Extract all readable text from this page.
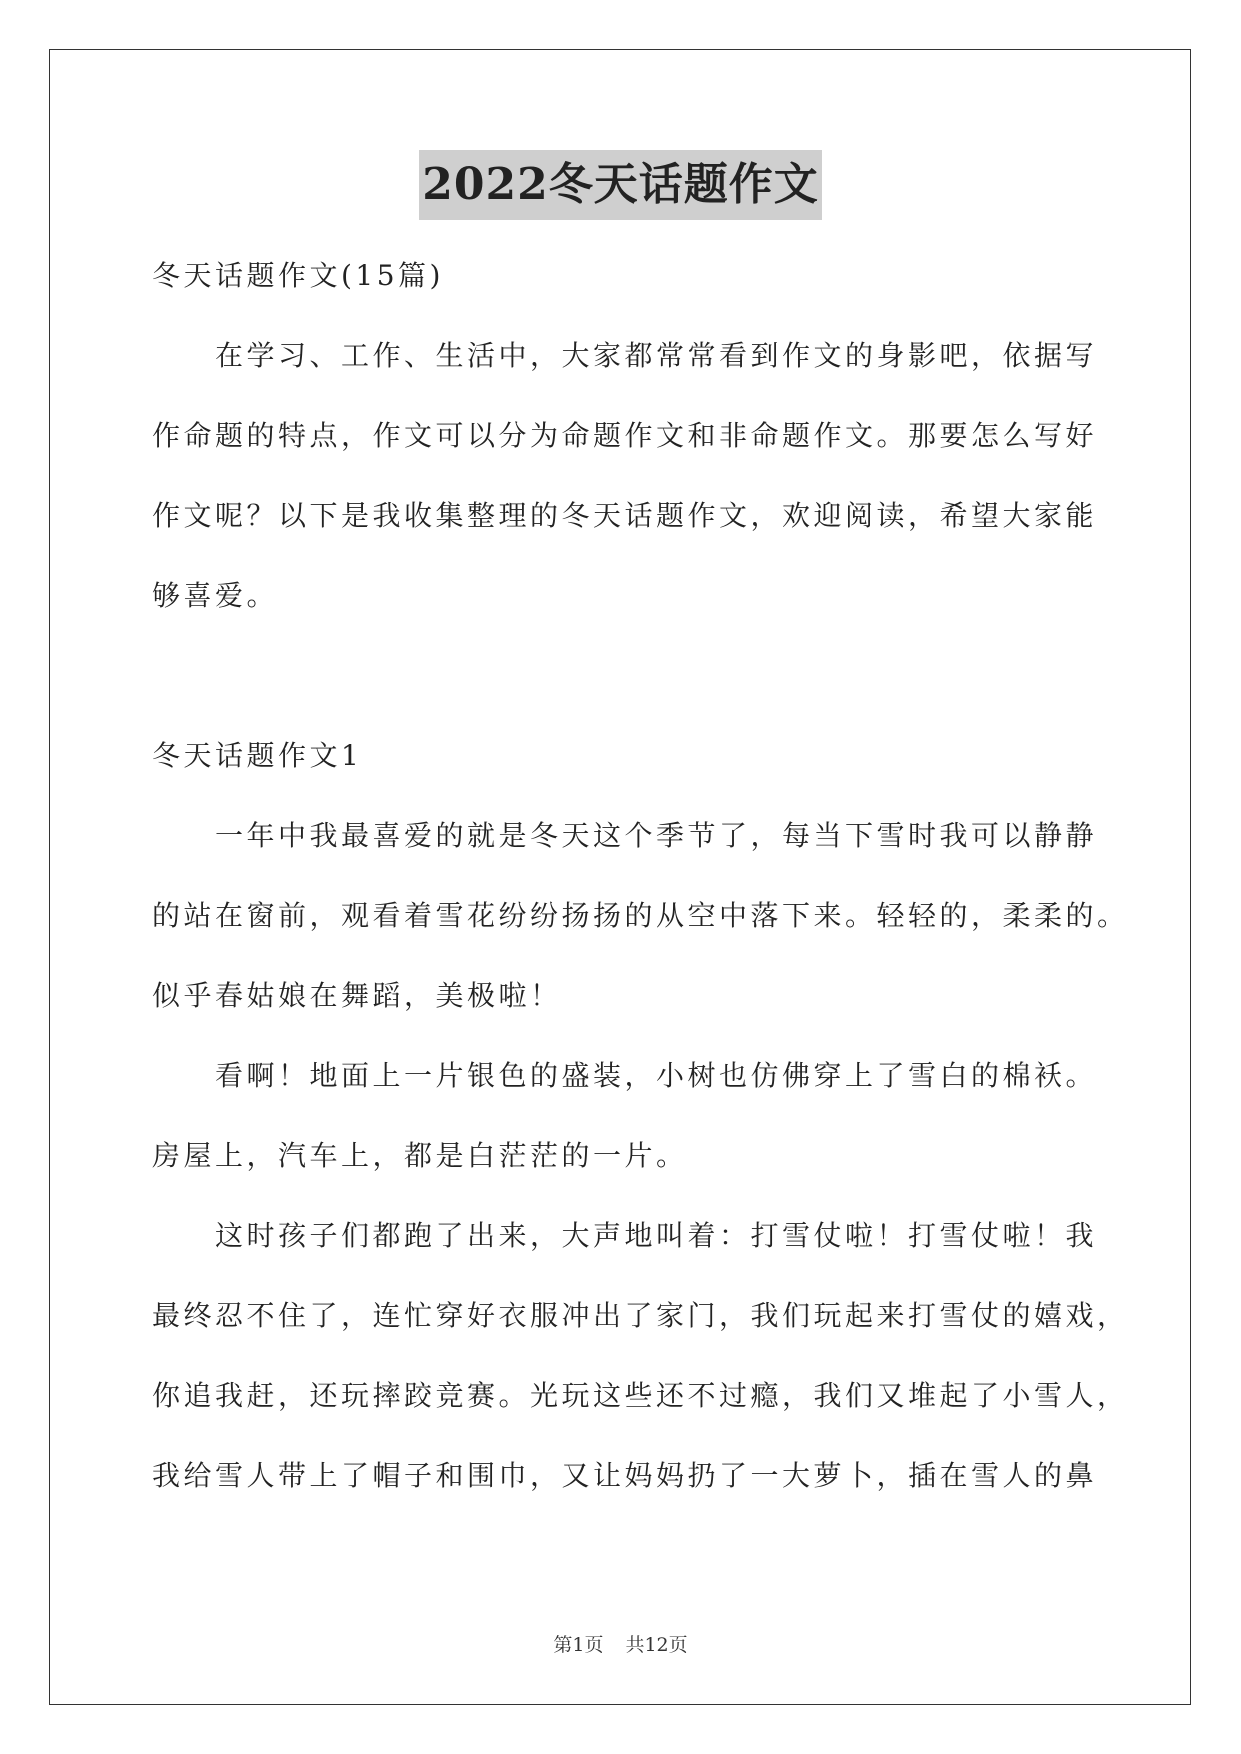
2022冬天话题作文
冬天话题作文(15篇)
　　在学习、工作、生活中，大家都常常看到作文的身影吧，依据写
作命题的特点，作文可以分为命题作文和非命题作文。那要怎么写好
作文呢？以下是我收集整理的冬天话题作文，欢迎阅读，希望大家能
够喜爱。
冬天话题作文1
　　一年中我最喜爱的就是冬天这个季节了，每当下雪时我可以静静
的站在窗前，观看着雪花纷纷扬扬的从空中落下来。轻轻的，柔柔的。
似乎春姑娘在舞蹈，美极啦！
　　看啊！地面上一片银色的盛装，小树也仿佛穿上了雪白的棉袄。
房屋上，汽车上，都是白茫茫的一片。
　　这时孩子们都跑了出来，大声地叫着：打雪仗啦！打雪仗啦！我
最终忍不住了，连忙穿好衣服冲出了家门，我们玩起来打雪仗的嬉戏，
你追我赶，还玩摔跤竞赛。光玩这些还不过瘾，我们又堆起了小雪人，
我给雪人带上了帽子和围巾，又让妈妈扔了一大萝卜，插在雪人的鼻
第1页 共12页
